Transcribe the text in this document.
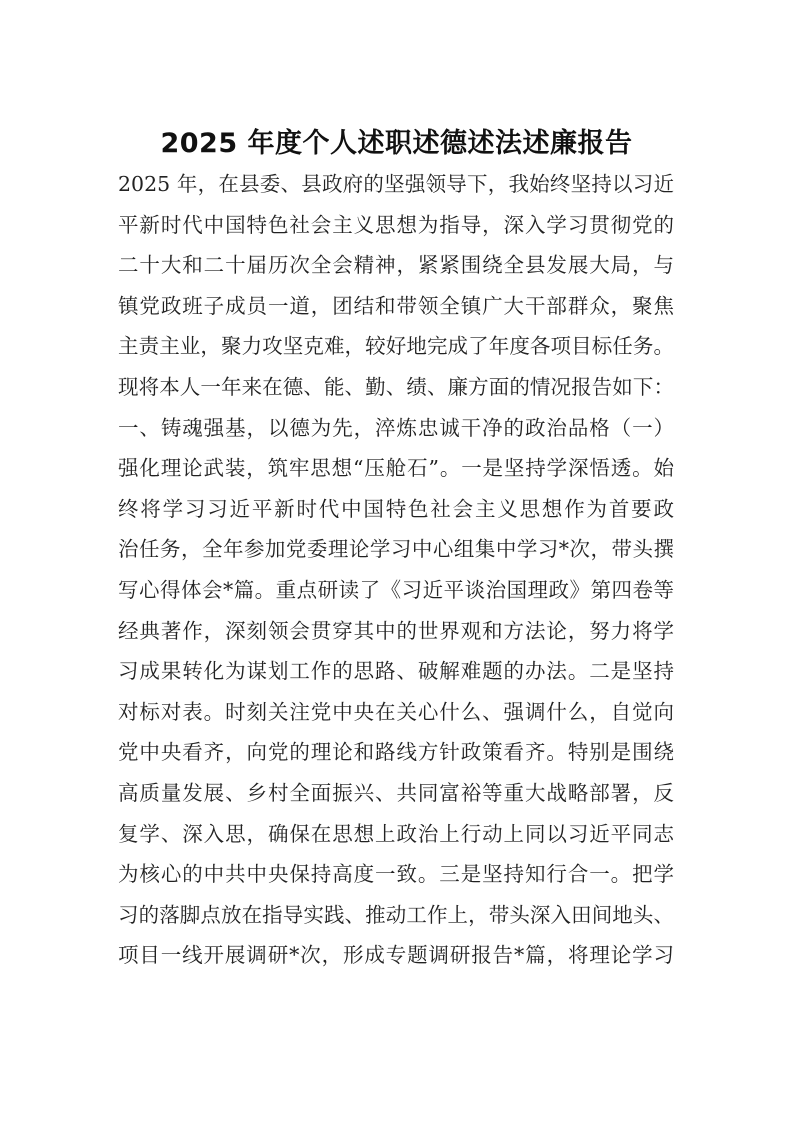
2025 年度个人述职述德述法述廉报告
2025 年，在县委、县政府的坚强领导下，我始终坚持以习近
平新时代中国特色社会主义思想为指导，深入学习贯彻党的
二十大和二十届历次全会精神，紧紧围绕全县发展大局，与
镇党政班子成员一道，团结和带领全镇广大干部群众，聚焦
主责主业，聚力攻坚克难，较好地完成了年度各项目标任务。
现将本人一年来在德、能、勤、绩、廉方面的情况报告如下：
一、铸魂强基，以德为先，淬炼忠诚干净的政治品格（一）
强化理论武装，筑牢思想“压舱石”。一是坚持学深悟透。始
终将学习习近平新时代中国特色社会主义思想作为首要政
治任务，全年参加党委理论学习中心组集中学习*次，带头撰
写心得体会*篇。重点研读了《习近平谈治国理政》第四卷等
经典著作，深刻领会贯穿其中的世界观和方法论，努力将学
习成果转化为谋划工作的思路、破解难题的办法。二是坚持
对标对表。时刻关注党中央在关心什么、强调什么，自觉向
党中央看齐，向党的理论和路线方针政策看齐。特别是围绕
高质量发展、乡村全面振兴、共同富裕等重大战略部署，反
复学、深入思，确保在思想上政治上行动上同以习近平同志
为核心的中共中央保持高度一致。三是坚持知行合一。把学
习的落脚点放在指导实践、推动工作上，带头深入田间地头、
项目一线开展调研*次，形成专题调研报告*篇，将理论学习
